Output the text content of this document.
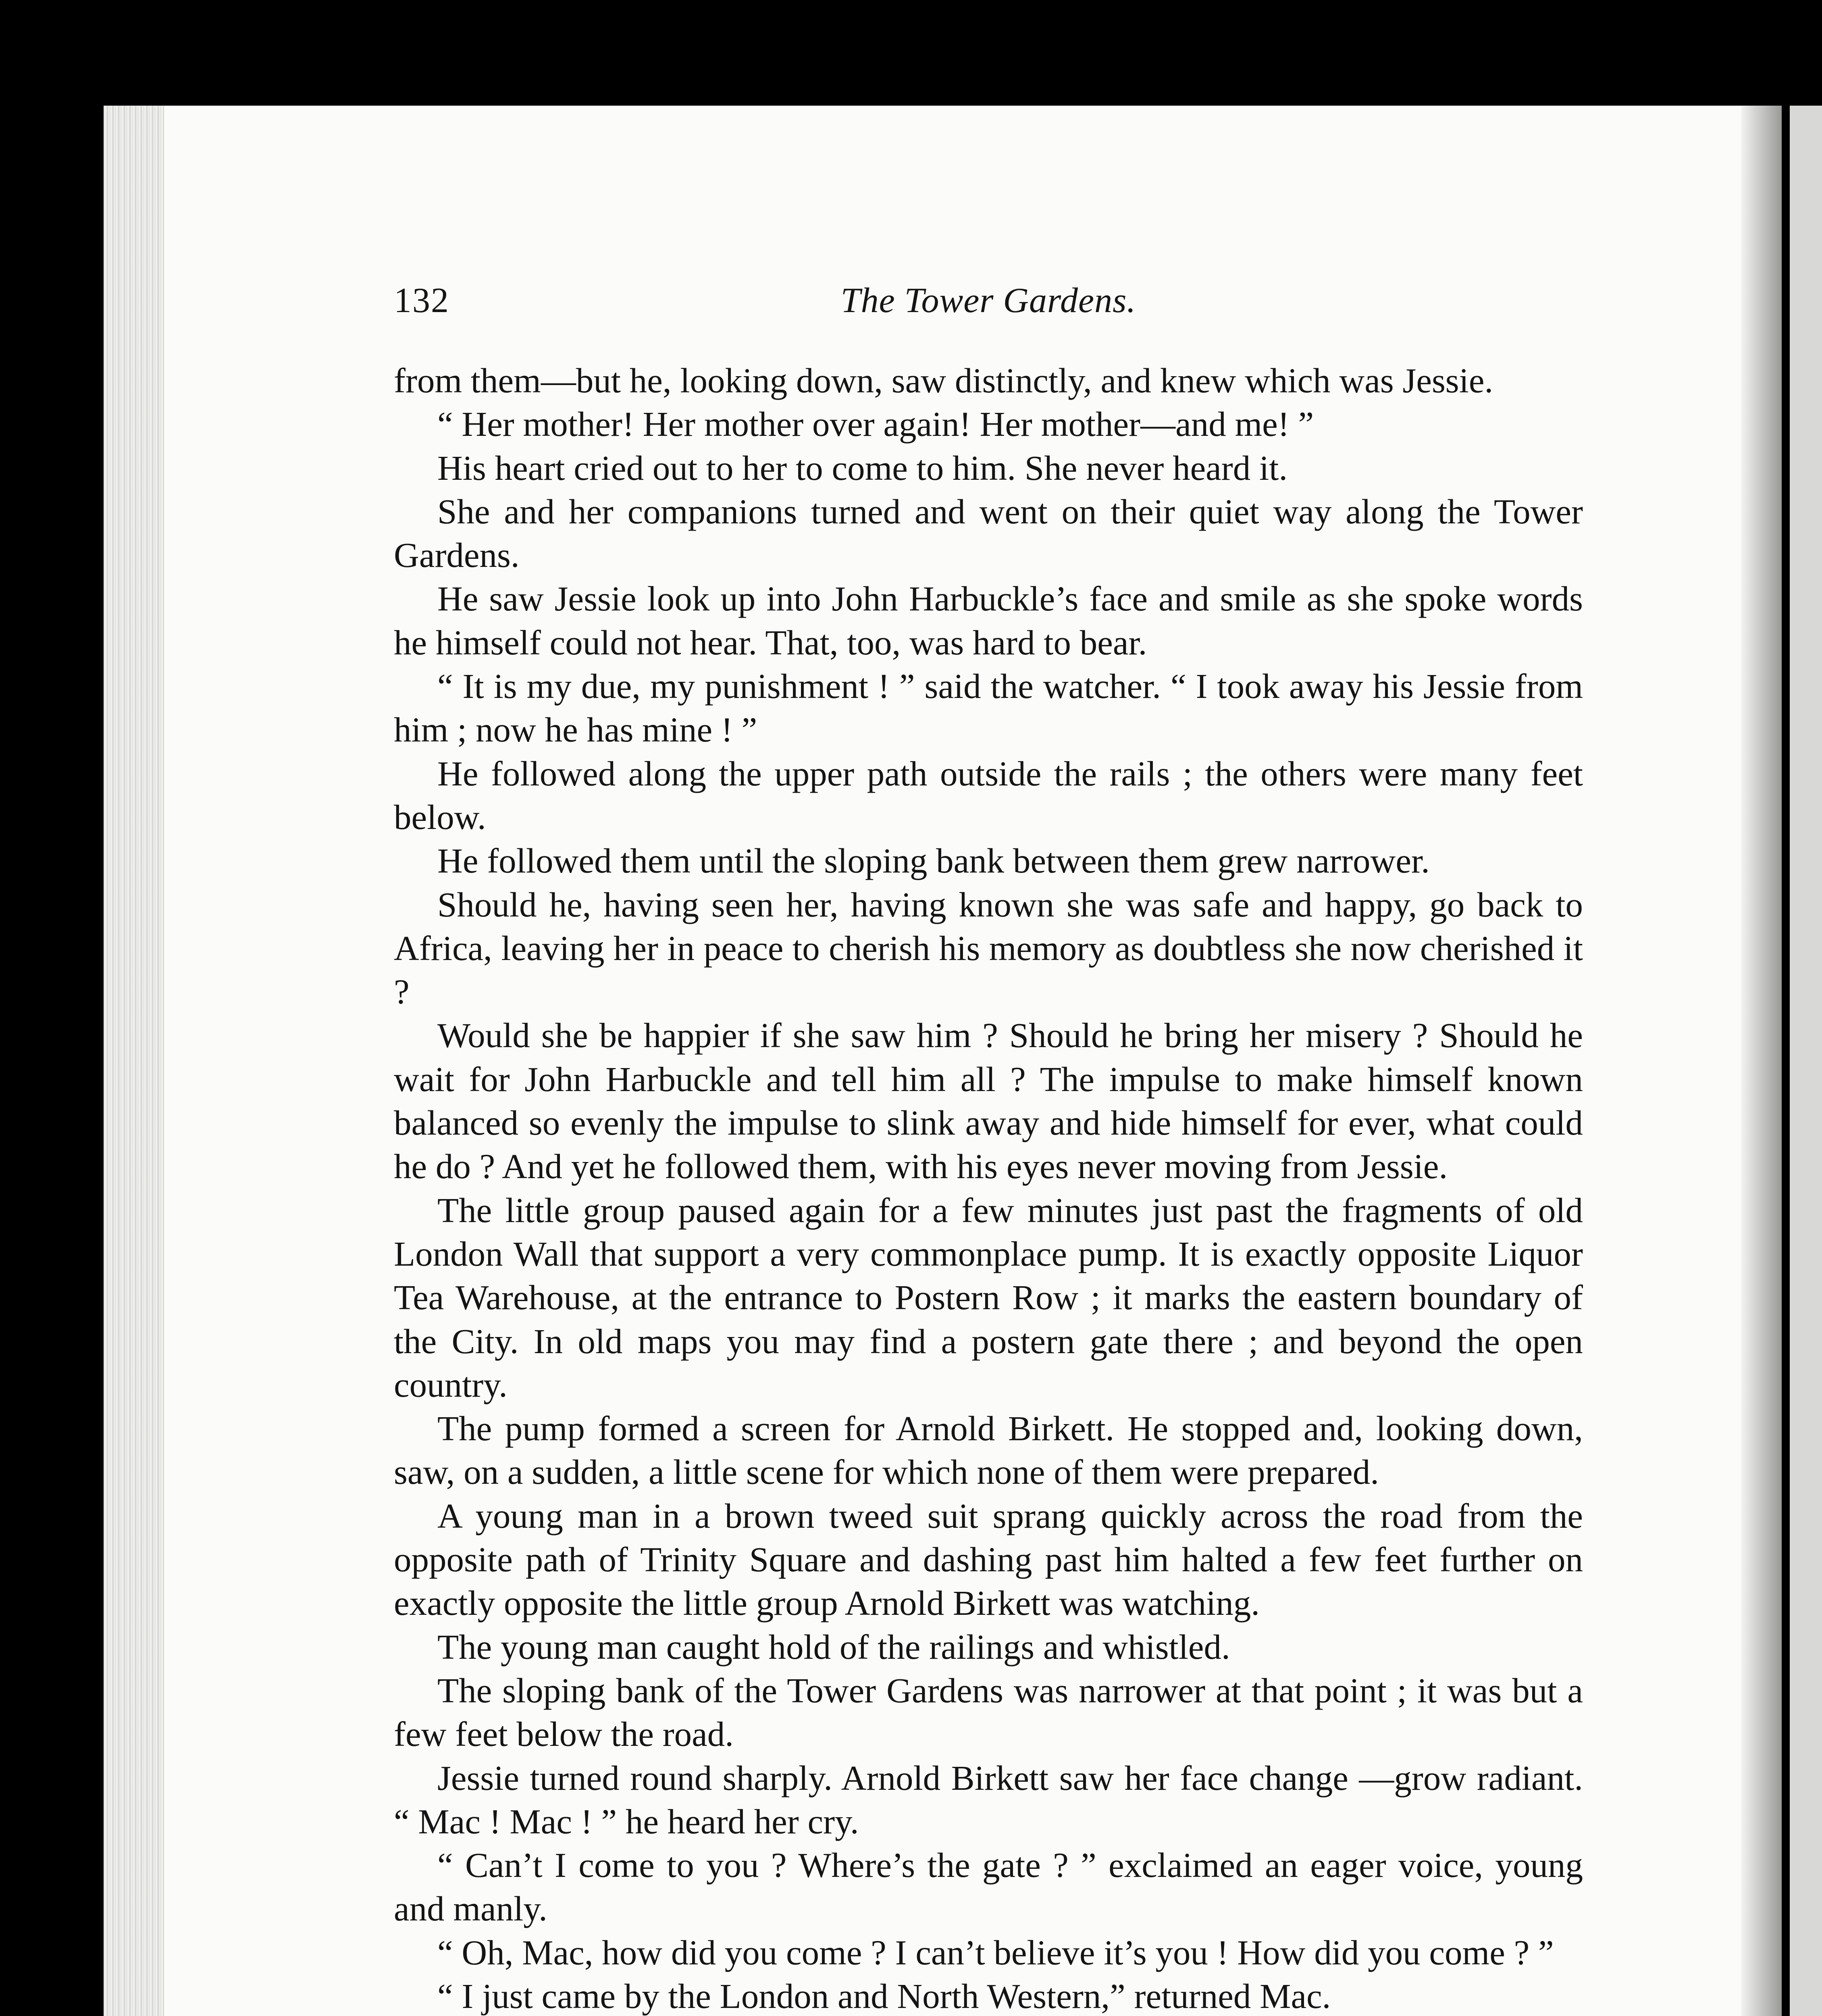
132	The Tower Gardens.

from them—but he, looking down, saw distinctly, and knew which was Jessie.

“ Her mother! Her mother over again! Her mother—and me! ”

His heart cried out to her to come to him. She never heard it.

She and her companions turned and went on their quiet way along the Tower Gardens.

He saw Jessie look up into John Harbuckle’s face and smile as she spoke words he himself could not hear. That, too, was hard to bear.

“ It is my due, my punishment ! ” said the watcher. “ I took away his Jessie from him ; now he has mine ! ”

He followed along the upper path outside the rails ; the others were many feet below.

He followed them until the sloping bank between them grew narrower.

Should he, having seen her, having known she was safe and happy, go back to Africa, leaving her in peace to cherish his memory as doubtless she now cherished it ?

Would she be happier if she saw him ? Should he bring her misery ? Should he wait for John Harbuckle and tell him all ? The impulse to make himself known balanced so evenly the impulse to slink away and hide himself for ever, what could he do ? And yet he followed them, with his eyes never moving from Jessie.

The little group paused again for a few minutes just past the fragments of old London Wall that support a very commonplace pump. It is exactly opposite Liquor Tea Warehouse, at the entrance to Postern Row ; it marks the eastern boundary of the City. In old maps you may find a postern gate there ; and beyond the open country.

The pump formed a screen for Arnold Birkett. He stopped and, looking down, saw, on a sudden, a little scene for which none of them were prepared.

A young man in a brown tweed suit sprang quickly across the road from the opposite path of Trinity Square and dashing past him halted a few feet further on exactly opposite the little group Arnold Birkett was watching.

The young man caught hold of the railings and whistled.

The sloping bank of the Tower Gardens was narrower at that point ; it was but a few feet below the road.

Jessie turned round sharply. Arnold Birkett saw her face change —grow radiant. “ Mac ! Mac ! ” he heard her cry.

“ Can’t I come to you ? Where’s the gate ? ” exclaimed an eager voice, young and manly.

“ Oh, Mac, how did you come ? I can’t believe it’s you ! How did you come ? ”

“ I just came by the London and North Western,” returned Mac.
